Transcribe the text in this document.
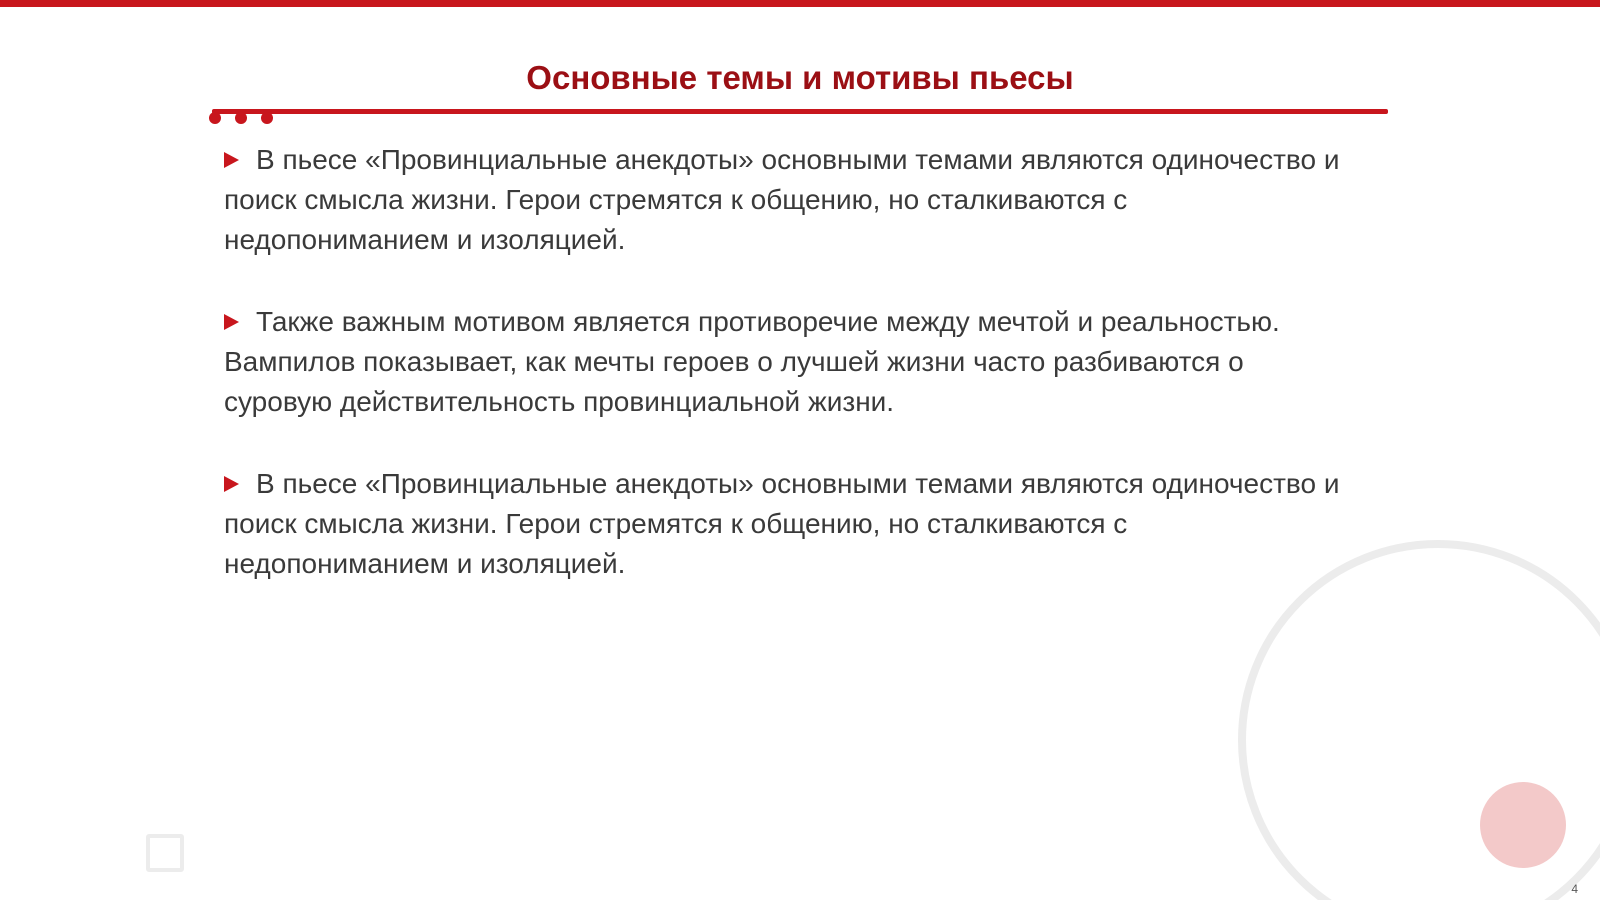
Основные темы и мотивы пьесы

В пьесе «Провинциальные анекдоты» основными темами являются одиночество и поиск смысла жизни. Герои стремятся к общению, но сталкиваются с недопониманием и изоляцией.

Также важным мотивом является противоречие между мечтой и реальностью. Вампилов показывает, как мечты героев о лучшей жизни часто разбиваются о суровую действительность провинциальной жизни.

В пьесе «Провинциальные анекдоты» основными темами являются одиночество и поиск смысла жизни. Герои стремятся к общению, но сталкиваются с недопониманием и изоляцией.

4
